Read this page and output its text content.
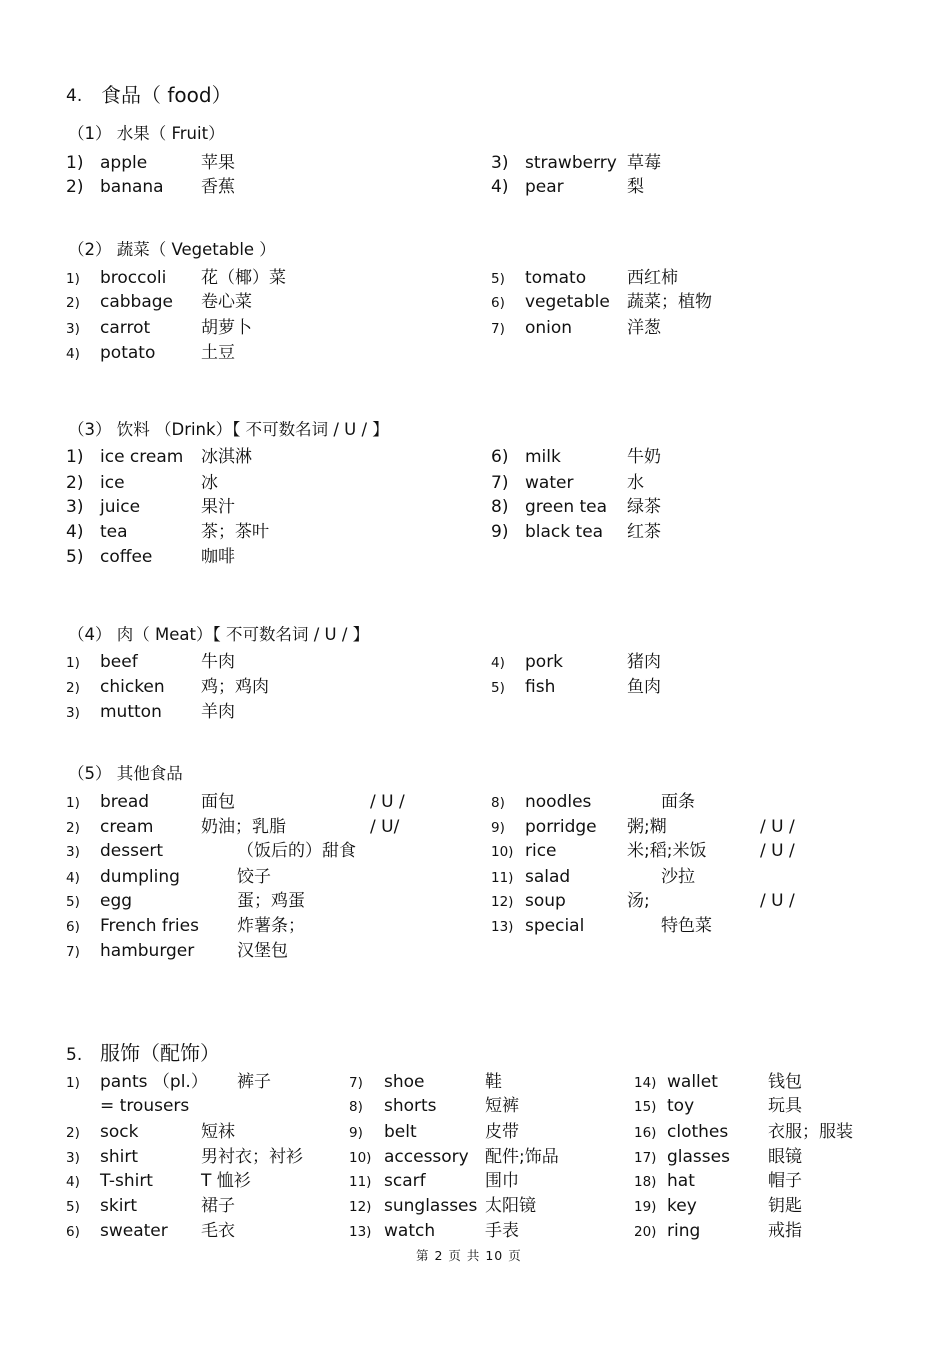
4. 食品（ food）
（1） 水果（ Fruit）
（2） 蔬菜（ Vegetable ）
（3） 饮料 （Drink）【 不可数名词 / U / 】
（4） 肉（ Meat）【 不可数名词 / U / 】
（5） 其他食品
5. 服饰（配饰）
第 2 页 共 10 页
1) apple	苹果
2) banana 香蕉
3) strawberry 草莓
4) pear	梨
1) broccoli 花（椰）菜
2) cabbage 卷心菜
3) carrot	胡萝卜
4) potato	土豆
5) tomato 西红柿
6) vegetable 蔬菜；植物
7) onion	洋葱
1) ice cream 冰淇淋
2) ice	冰
3) juice	果汁
4) tea	茶；茶叶
5) coffee	咖啡
6) milk	牛奶
7) water	水
8) green tea 绿茶
9) black tea 红茶
1) beef	牛肉
2) chicken 鸡；鸡肉
3) mutton 羊肉
4) pork	猪肉
5) fish	鱼肉
1) bread	面包	/ U /
2) cream	奶油；乳脂	/ U/
3) dessert	（饭后的）甜食
4) dumpling	饺子
5) egg	蛋；鸡蛋
6) French fries 炸薯条；
7) hamburger	汉堡包
8) noodles	面条
9) porridge 粥;糊	/ U /
10) rice	米;稻;米饭	/ U /
11) salad	沙拉
12) soup	汤;	/ U /
13) special	特色菜
1) pants （pl.） 裤子
= trousers
2) sock	短袜
3) shirt	男衬衣；衬衫
4) T-shirt	T 恤衫
5) skirt	裙子
6) sweater 毛衣
7) shoe	鞋
8) shorts	短裤
9) belt	皮带
10) accessory 配件;饰品
11) scarf	围巾
12) sunglasses 太阳镜
13) watch	手表
14) wallet	钱包
15) toy	玩具
16) clothes 衣服；服装
17) glasses 眼镜
18) hat	帽子
19) key	钥匙
20) ring	戒指
